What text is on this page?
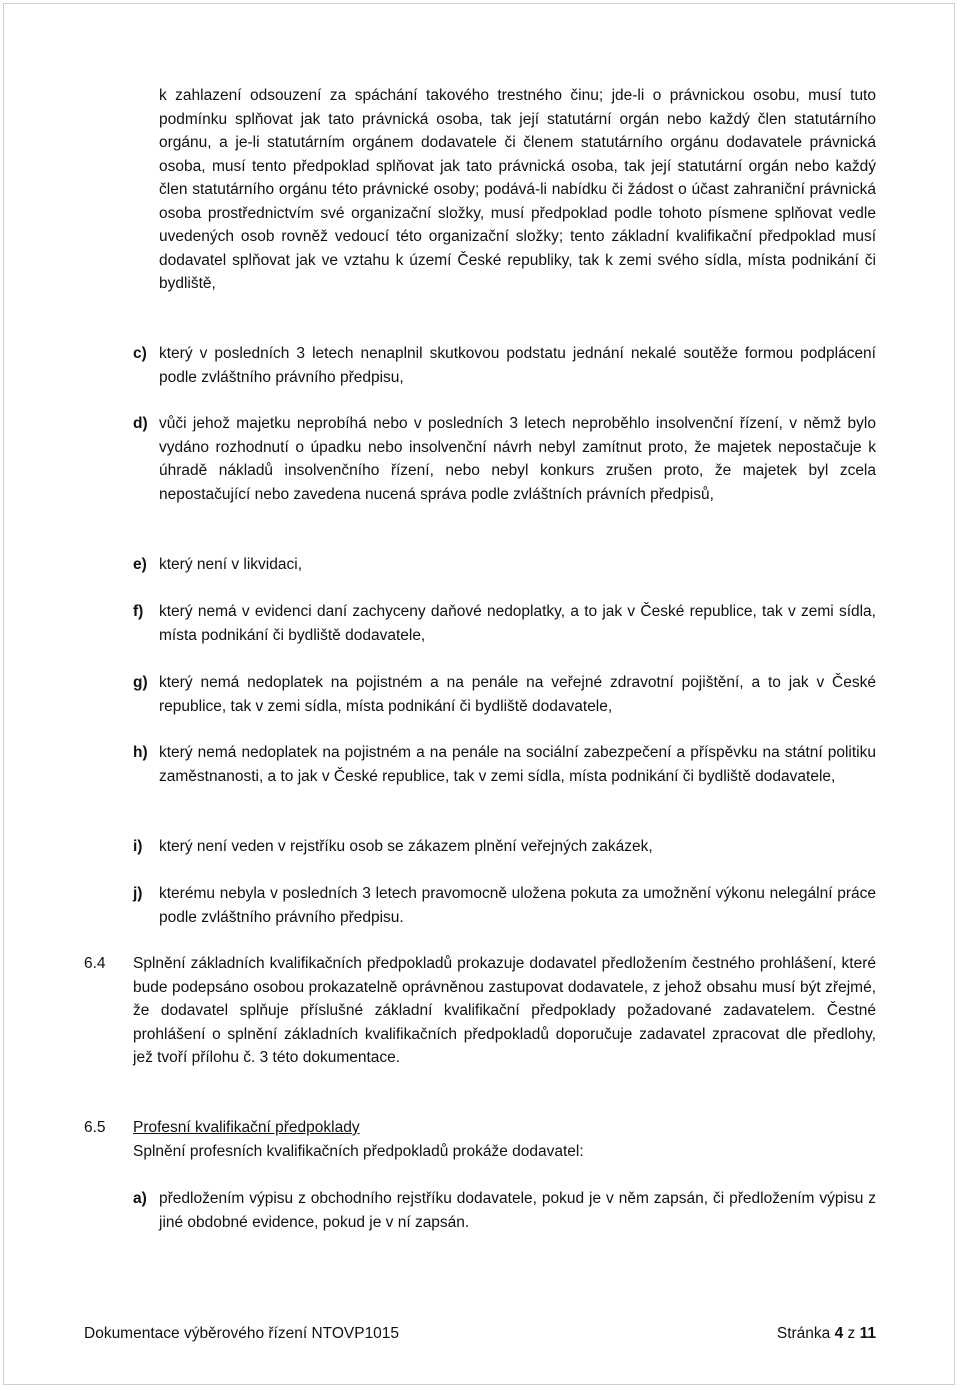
k zahlazení odsouzení za spáchání takového trestného činu; jde-li o právnickou osobu, musí tuto podmínku splňovat jak tato právnická osoba, tak její statutární orgán nebo každý člen statutárního orgánu, a je-li statutárním orgánem dodavatele či členem statutárního orgánu dodavatele právnická osoba, musí tento předpoklad splňovat jak tato právnická osoba, tak její statutární orgán nebo každý člen statutárního orgánu této právnické osoby; podává-li nabídku či žádost o účast zahraniční právnická osoba prostřednictvím své organizační složky, musí předpoklad podle tohoto písmene splňovat vedle uvedených osob rovněž vedoucí této organizační složky; tento základní kvalifikační předpoklad musí dodavatel splňovat jak ve vztahu k území České republiky, tak k zemi svého sídla, místa podnikání či bydliště,

c) který v posledních 3 letech nenaplnil skutkovou podstatu jednání nekalé soutěže formou podplácení podle zvláštního právního předpisu,
d) vůči jehož majetku neprobíhá nebo v posledních 3 letech neproběhlo insolvenční řízení, v němž bylo vydáno rozhodnutí o úpadku nebo insolvenční návrh nebyl zamítnut proto, že majetek nepostačuje k úhradě nákladů insolvenčního řízení, nebo nebyl konkurs zrušen proto, že majetek byl zcela nepostačující nebo zavedena nucená správa podle zvláštních právních předpisů,
e) který není v likvidaci,
f) který nemá v evidenci daní zachyceny daňové nedoplatky, a to jak v České republice, tak v zemi sídla, místa podnikání či bydliště dodavatele,
g) který nemá nedoplatek na pojistném a na penále na veřejné zdravotní pojištění, a to jak v České republice, tak v zemi sídla, místa podnikání či bydliště dodavatele,
h) který nemá nedoplatek na pojistném a na penále na sociální zabezpečení a příspěvku na státní politiku zaměstnanosti, a to jak v České republice, tak v zemi sídla, místa podnikání či bydliště dodavatele,
i) který není veden v rejstříku osob se zákazem plnění veřejných zakázek,
j) kterému nebyla v posledních 3 letech pravomocně uložena pokuta za umožnění výkonu nelegální práce podle zvláštního právního předpisu.
6.4 Splnění základních kvalifikačních předpokladů prokazuje dodavatel předložením čestného prohlášení, které bude podepsáno osobou prokazatelně oprávněnou zastupovat dodavatele, z jehož obsahu musí být zřejmé, že dodavatel splňuje příslušné základní kvalifikační předpoklady požadované zadavatelem. Čestné prohlášení o splnění základních kvalifikačních předpokladů doporučuje zadavatel zpracovat dle předlohy, jež tvoří přílohu č. 3 této dokumentace.
6.5 Profesní kvalifikační předpoklady
Splnění profesních kvalifikačních předpokladů prokáže dodavatel:
a) předložením výpisu z obchodního rejstříku dodavatele, pokud je v něm zapsán, či předložením výpisu z jiné obdobné evidence, pokud je v ní zapsán.
Dokumentace výběrového řízení NTOVP1015	Stránka 4 z 11
